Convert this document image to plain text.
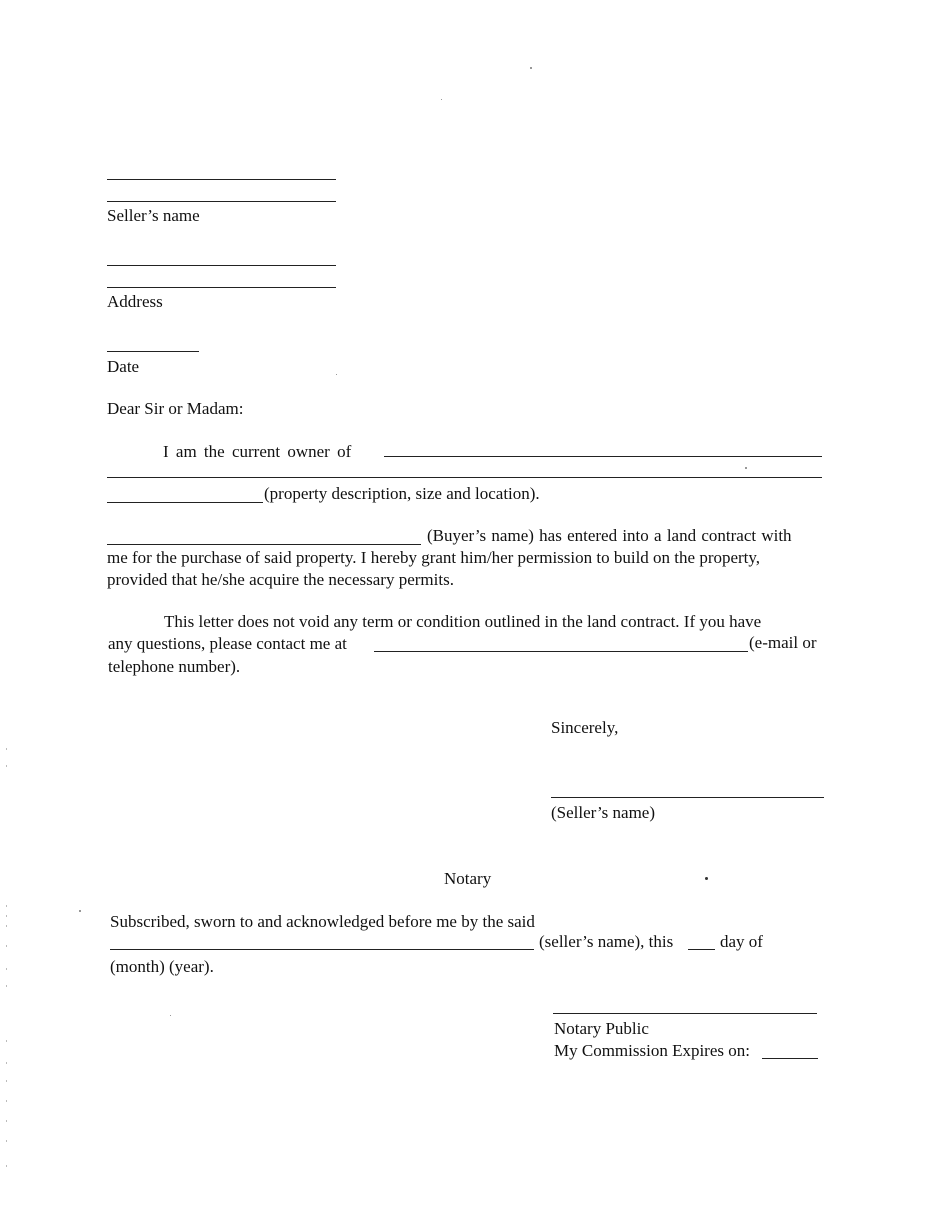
Seller’s name
Address
Date
Dear Sir or Madam:
I am the current owner of
(property description, size and location).
(Buyer’s name) has entered into a land contract with
me for the purchase of said property. I hereby grant him/her permission to build on the property,
provided that he/she acquire the necessary permits.
This letter does not void any term or condition outlined in the land contract. If you have
any questions, please contact me at	(e-mail or
telephone number).
Sincerely,
(Seller’s name)
Notary
Subscribed, sworn to and acknowledged before me by the said
(seller’s name), this	day of
(month) (year).
Notary Public
My Commission Expires on:
